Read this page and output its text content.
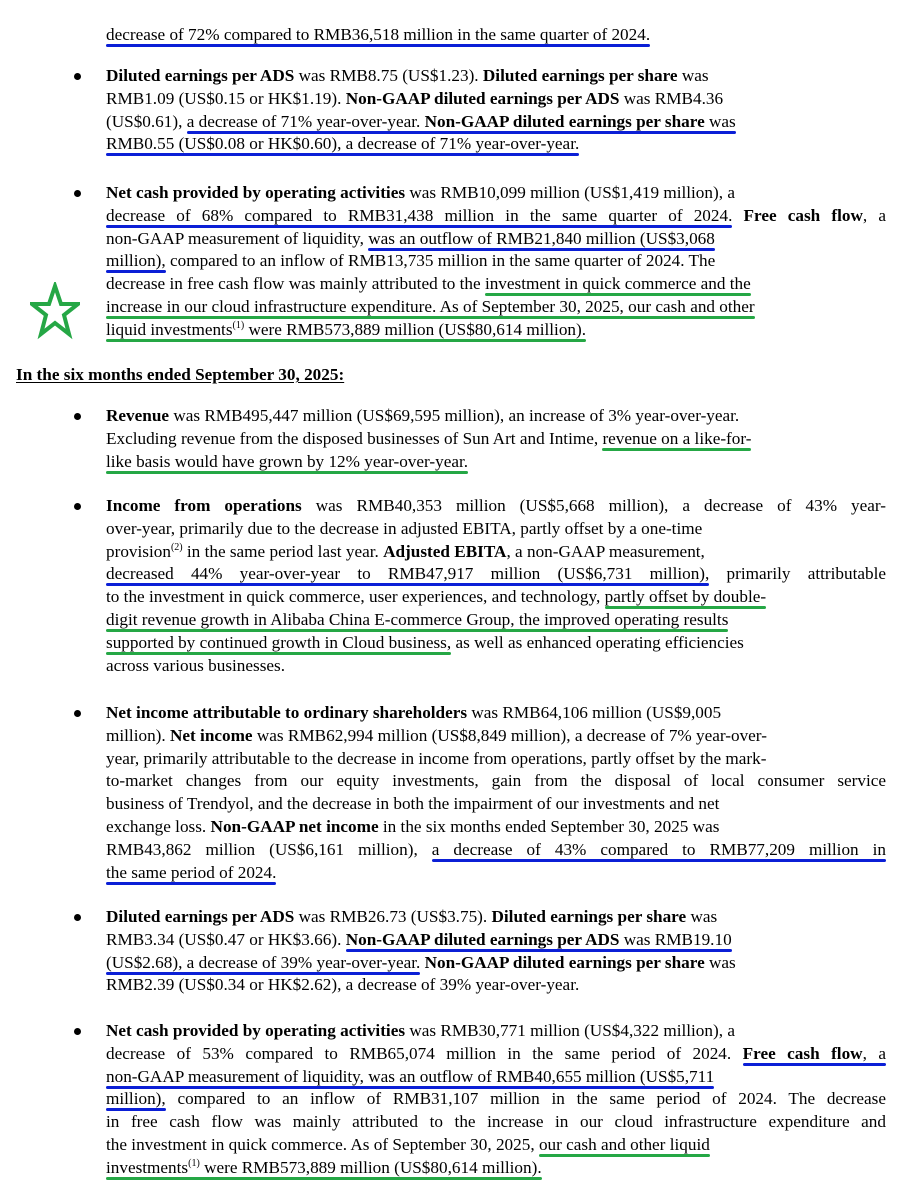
decrease of 72% compared to RMB36,518 million in the same quarter of 2024.
Diluted earnings per ADS was RMB8.75 (US$1.23). Diluted earnings per share was
RMB1.09 (US$0.15 or HK$1.19). Non-GAAP diluted earnings per ADS was RMB4.36
(US$0.61), a decrease of 71% year-over-year. Non-GAAP diluted earnings per share was
RMB0.55 (US$0.08 or HK$0.60), a decrease of 71% year-over-year.
Net cash provided by operating activities was RMB10,099 million (US$1,419 million), a
decrease of 68% compared to RMB31,438 million in the same quarter of 2024. Free cash flow, a
non-GAAP measurement of liquidity, was an outflow of RMB21,840 million (US$3,068
million), compared to an inflow of RMB13,735 million in the same quarter of 2024. The
decrease in free cash flow was mainly attributed to the investment in quick commerce and the
increase in our cloud infrastructure expenditure. As of September 30, 2025, our cash and other
liquid investments$^{(1)}$ were RMB573,889 million (US$80,614 million).
Revenue was RMB495,447 million (US$69,595 million), an increase of 3% year-over-year.
Excluding revenue from the disposed businesses of Sun Art and Intime, revenue on a like-for-
like basis would have grown by 12% year-over-year.
Income from operations was RMB40,353 million (US$5,668 million), a decrease of 43% year-
over-year, primarily due to the decrease in adjusted EBITA, partly offset by a one-time
provision$^{(2)}$ in the same period last year. Adjusted EBITA, a non-GAAP measurement,
decreased 44% year-over-year to RMB47,917 million (US$6,731 million), primarily attributable
to the investment in quick commerce, user experiences, and technology, partly offset by double-
digit revenue growth in Alibaba China E-commerce Group, the improved operating results
supported by continued growth in Cloud business, as well as enhanced operating efficiencies
across various businesses.
Net income attributable to ordinary shareholders was RMB64,106 million (US$9,005
million). Net income was RMB62,994 million (US$8,849 million), a decrease of 7% year-over-
year, primarily attributable to the decrease in income from operations, partly offset by the mark-
to-market changes from our equity investments, gain from the disposal of local consumer service
business of Trendyol, and the decrease in both the impairment of our investments and net
exchange loss. Non-GAAP net income in the six months ended September 30, 2025 was
RMB43,862 million (US$6,161 million), a decrease of 43% compared to RMB77,209 million in
the same period of 2024.
Diluted earnings per ADS was RMB26.73 (US$3.75). Diluted earnings per share was
RMB3.34 (US$0.47 or HK$3.66). Non-GAAP diluted earnings per ADS was RMB19.10
(US$2.68), a decrease of 39% year-over-year. Non-GAAP diluted earnings per share was
RMB2.39 (US$0.34 or HK$2.62), a decrease of 39% year-over-year.
Net cash provided by operating activities was RMB30,771 million (US$4,322 million), a
decrease of 53% compared to RMB65,074 million in the same period of 2024. Free cash flow, a
non-GAAP measurement of liquidity, was an outflow of RMB40,655 million (US$5,711
million), compared to an inflow of RMB31,107 million in the same period of 2024. The decrease
in free cash flow was mainly attributed to the increase in our cloud infrastructure expenditure and
the investment in quick commerce. As of September 30, 2025, our cash and other liquid
investments$^{(1)}$ were RMB573,889 million (US$80,614 million).
In the six months ended September 30, 2025:
